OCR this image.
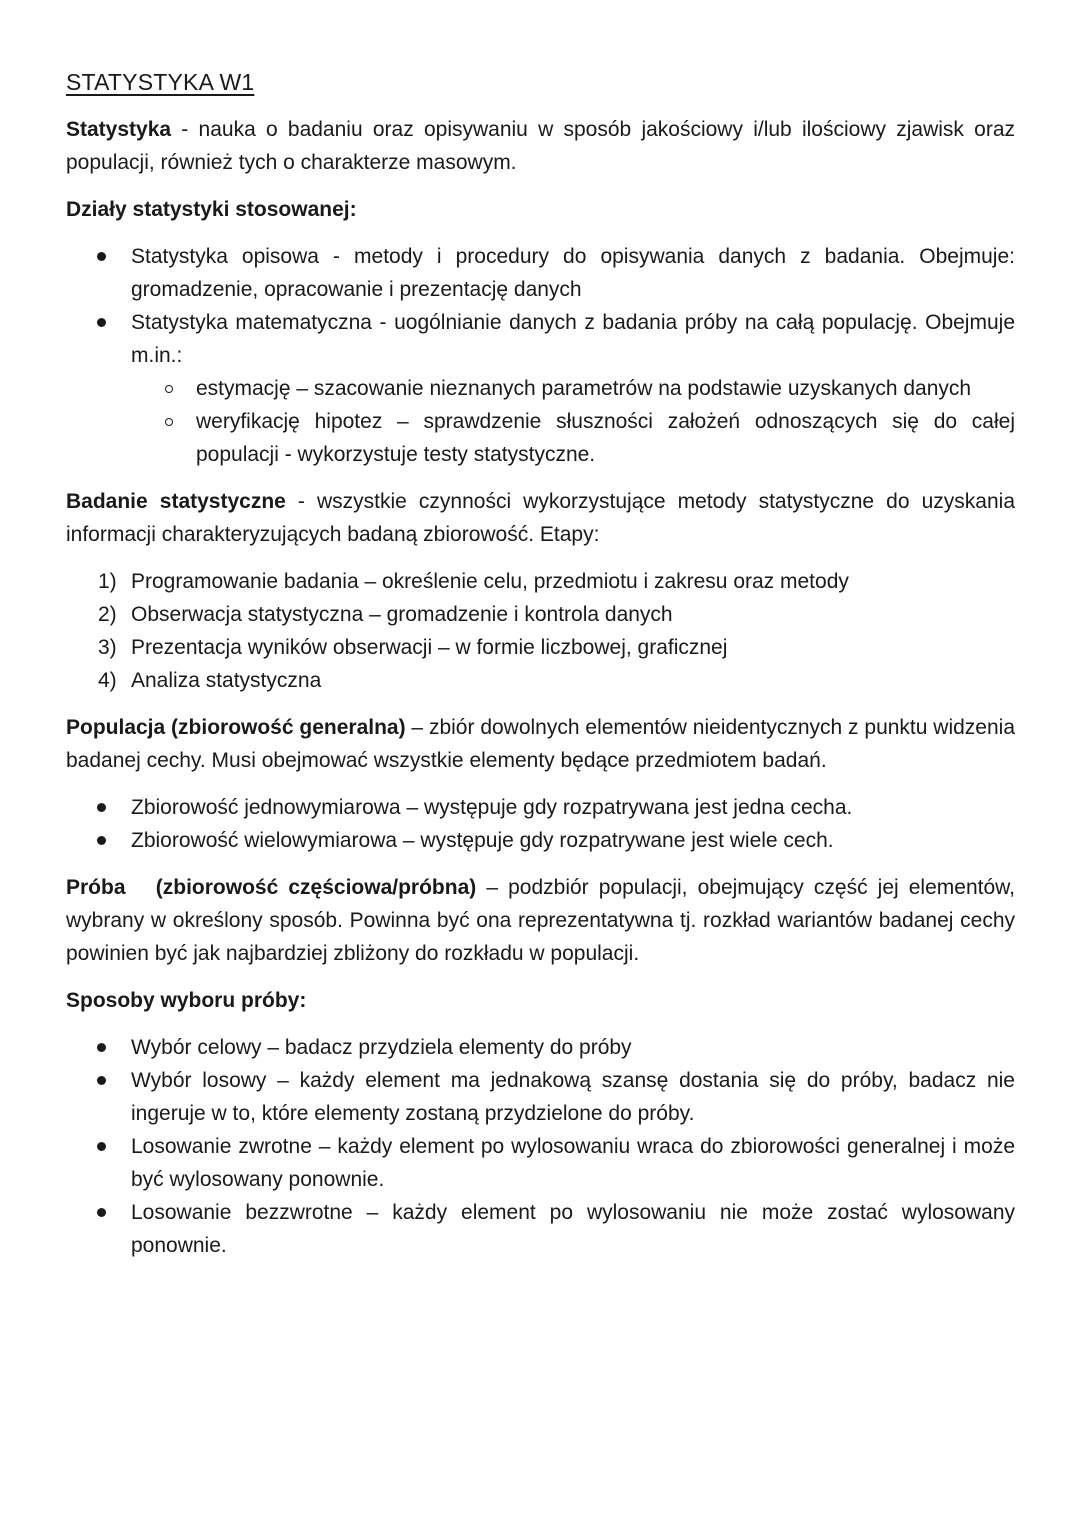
STATYSTYKA W1

Statystyka - nauka o badaniu oraz opisywaniu w sposób jakościowy i/lub ilościowy zjawisk oraz populacji, również tych o charakterze masowym.

Działy statystyki stosowanej:
Statystyka opisowa - metody i procedury do opisywania danych z badania. Obejmuje: gromadzenie, opracowanie i prezentację danych
Statystyka matematyczna - uogólnianie danych z badania próby na całą populację. Obejmuje m.in.:
estymację – szacowanie nieznanych parametrów na podstawie uzyskanych danych
weryfikację hipotez – sprawdzenie słuszności założeń odnoszących się do całej populacji - wykorzystuje testy statystyczne.

Badanie statystyczne - wszystkie czynności wykorzystujące metody statystyczne do uzyskania informacji charakteryzujących badaną zbiorowość. Etapy:

1) Programowanie badania – określenie celu, przedmiotu i zakresu oraz metody
2) Obserwacja statystyczna – gromadzenie i kontrola danych
3) Prezentacja wyników obserwacji – w formie liczbowej, graficznej
4) Analiza statystyczna

Populacja (zbiorowość generalna) – zbiór dowolnych elementów nieidentycznych z punktu widzenia badanej cechy. Musi obejmować wszystkie elementy będące przedmiotem badań.

Zbiorowość jednowymiarowa – występuje gdy rozpatrywana jest jedna cecha.
Zbiorowość wielowymiarowa – występuje gdy rozpatrywane jest wiele cech.

Próba   (zbiorowość częściowa/próbna) – podzbiór populacji, obejmujący część jej elementów, wybrany w określony sposób. Powinna być ona reprezentatywna tj. rozkład wariantów badanej cechy powinien być jak najbardziej zbliżony do rozkładu w populacji.

Sposoby wyboru próby:
Wybór celowy – badacz przydziela elementy do próby
Wybór losowy – każdy element ma jednakową szansę dostania się do próby, badacz nie ingeruje w to, które elementy zostaną przydzielone do próby.
Losowanie zwrotne – każdy element po wylosowaniu wraca do zbiorowości generalnej i może być wylosowany ponownie.
Losowanie bezzwrotne – każdy element po wylosowaniu nie może zostać wylosowany ponownie.
